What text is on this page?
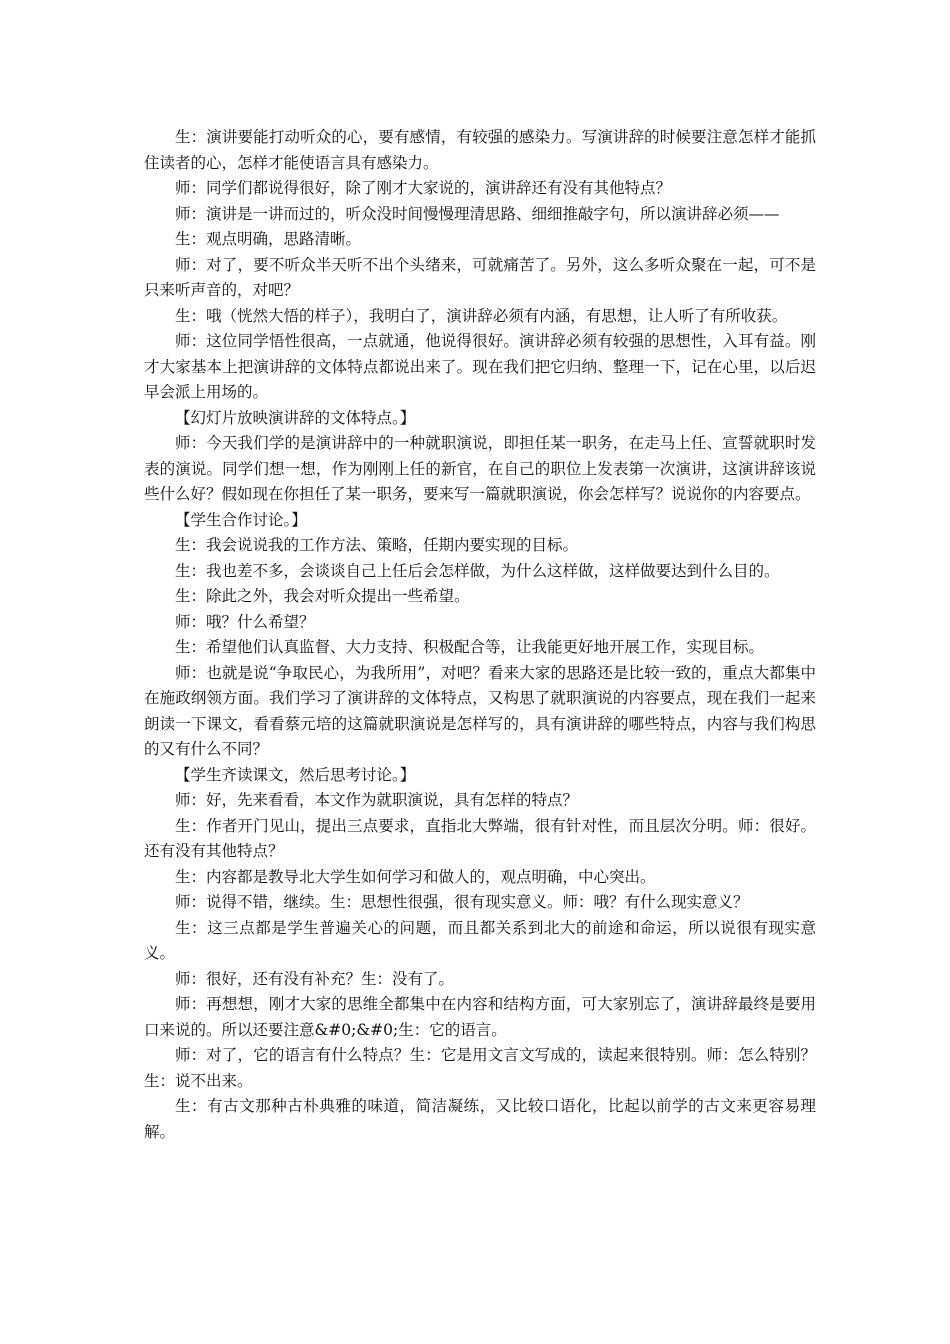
生：演讲要能打动听众的心，要有感情，有较强的感染力。写演讲辞的时候要注意怎样才能抓住读者的心，怎样才能使语言具有感染力。

师：同学们都说得很好，除了刚才大家说的，演讲辞还有没有其他特点？

师：演讲是一讲而过的，听众没时间慢慢理清思路、细细推敲字句，所以演讲辞必须——

生：观点明确，思路清晰。

师：对了，要不听众半天听不出个头绪来，可就痛苦了。另外，这么多听众聚在一起，可不是只来听声音的，对吧？

生：哦（恍然大悟的样子），我明白了，演讲辞必须有内涵，有思想，让人听了有所收获。

师：这位同学悟性很高，一点就通，他说得很好。演讲辞必须有较强的思想性，入耳有益。刚才大家基本上把演讲辞的文体特点都说出来了。现在我们把它归纳、整理一下，记在心里，以后迟早会派上用场的。

【幻灯片放映演讲辞的文体特点。】

师：今天我们学的是演讲辞中的一种就职演说，即担任某一职务，在走马上任、宣誓就职时发表的演说。同学们想一想，作为刚刚上任的新官，在自己的职位上发表第一次演讲，这演讲辞该说些什么好？假如现在你担任了某一职务，要来写一篇就职演说，你会怎样写？说说你的内容要点。

【学生合作讨论。】

生：我会说说我的工作方法、策略，任期内要实现的目标。

生：我也差不多，会谈谈自己上任后会怎样做，为什么这样做，这样做要达到什么目的。

生：除此之外，我会对听众提出一些希望。

师：哦？什么希望？

生：希望他们认真监督、大力支持、积极配合等，让我能更好地开展工作，实现目标。

师：也就是说“争取民心，为我所用”，对吧？看来大家的思路还是比较一致的，重点大都集中在施政纲领方面。我们学习了演讲辞的文体特点，又构思了就职演说的内容要点，现在我们一起来朗读一下课文，看看蔡元培的这篇就职演说是怎样写的，具有演讲辞的哪些特点，内容与我们构思的又有什么不同？

【学生齐读课文，然后思考讨论。】

师：好，先来看看，本文作为就职演说，具有怎样的特点？

生：作者开门见山，提出三点要求，直指北大弊端，很有针对性，而且层次分明。师：很好。还有没有其他特点？

生：内容都是教导北大学生如何学习和做人的，观点明确，中心突出。

师：说得不错，继续。生：思想性很强，很有现实意义。师：哦？有什么现实意义？

生：这三点都是学生普遍关心的问题，而且都关系到北大的前途和命运，所以说很有现实意义。

师：很好，还有没有补充？生：没有了。

师：再想想，刚才大家的思维全都集中在内容和结构方面，可大家别忘了，演讲辞最终是要用口来说的。所以还要注意&#0;&#0;生：它的语言。

师：对了，它的语言有什么特点？生：它是用文言文写成的，读起来很特别。师：怎么特别？生：说不出来。

生：有古文那种古朴典雅的味道，简洁凝练，又比较口语化，比起以前学的古文来更容易理解。
